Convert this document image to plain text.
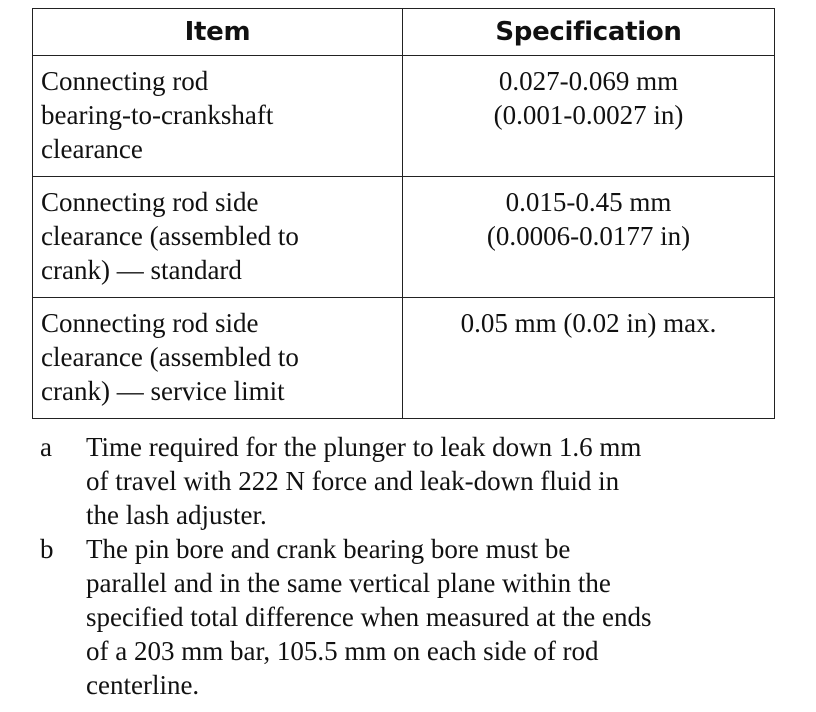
Item	Specification

Connecting rod
bearing-to-crankshaft
clearance	0.027-0.069 mm
(0.001-0.0027 in)

Connecting rod side
clearance (assembled to
crank) — standard	0.015-0.45 mm
(0.0006-0.0177 in)

Connecting rod side
clearance (assembled to
crank) — service limit	0.05 mm (0.02 in) max.
a	Time required for the plunger to leak down 1.6 mm
of travel with 222 N force and leak-down fluid in
the lash adjuster.
b	The pin bore and crank bearing bore must be
parallel and in the same vertical plane within the
specified total difference when measured at the ends
of a 203 mm bar, 105.5 mm on each side of rod
centerline.
